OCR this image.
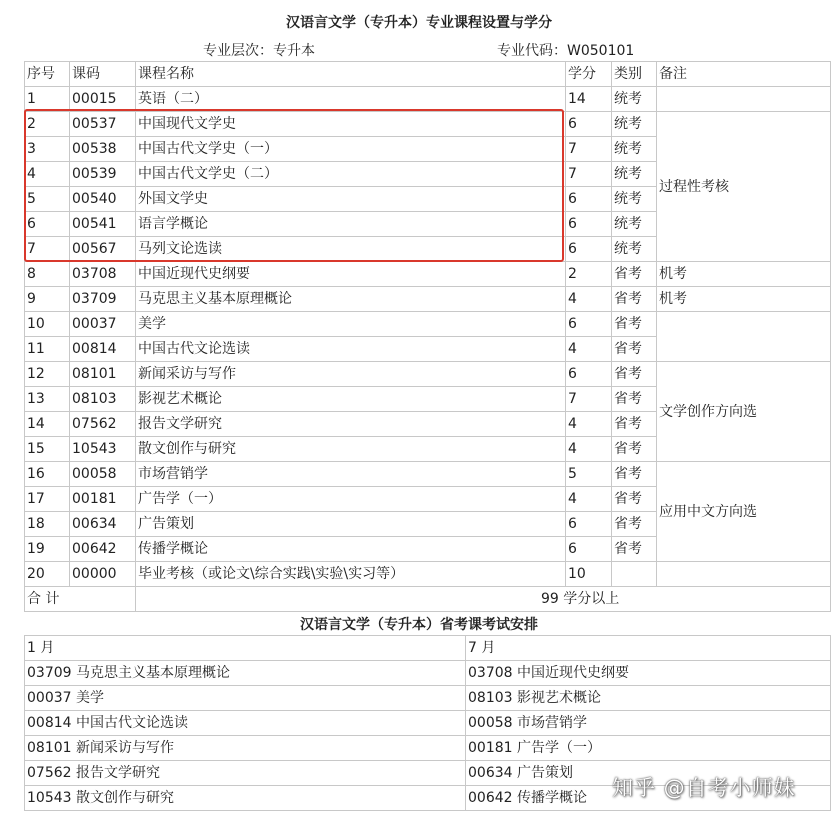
汉语言文学（专升本）专业课程设置与学分
专业层次：专升本	专业代码：W050101
序号	课码	课程名称	学分	类别	备注
1	00015	英语（二）	14	统考	
2	00537	中国现代文学史	6	统考	过程性考核
3	00538	中国古代文学史（一）	7	统考	
4	00539	中国古代文学史（二）	7	统考	
5	00540	外国文学史	6	统考	
6	00541	语言学概论	6	统考	
7	00567	马列文论选读	6	统考	
8	03708	中国近现代史纲要	2	省考	机考
9	03709	马克思主义基本原理概论	4	省考	机考
10	00037	美学	6	省考	
11	00814	中国古代文论选读	4	省考	
12	08101	新闻采访与写作	6	省考	文学创作方向选
13	08103	影视艺术概论	7	省考	
14	07562	报告文学研究	4	省考	
15	10543	散文创作与研究	4	省考	
16	00058	市场营销学	5	省考	应用中文方向选
17	00181	广告学（一）	4	省考	
18	00634	广告策划	6	省考	
19	00642	传播学概论	6	省考	
20	00000	毕业考核（或论文\综合实践\实验\实习等）	10		
合 计		99 学分以上			
汉语言文学（专升本）省考课考试安排
1 月	7 月
03709 马克思主义基本原理概论	03708 中国近现代史纲要
00037 美学	08103 影视艺术概论
00814 中国古代文论选读	00058 市场营销学
08101 新闻采访与写作	00181 广告学（一）
07562 报告文学研究	00634 广告策划
10543 散文创作与研究	00642 传播学概论 知乎 @自考小师妹
